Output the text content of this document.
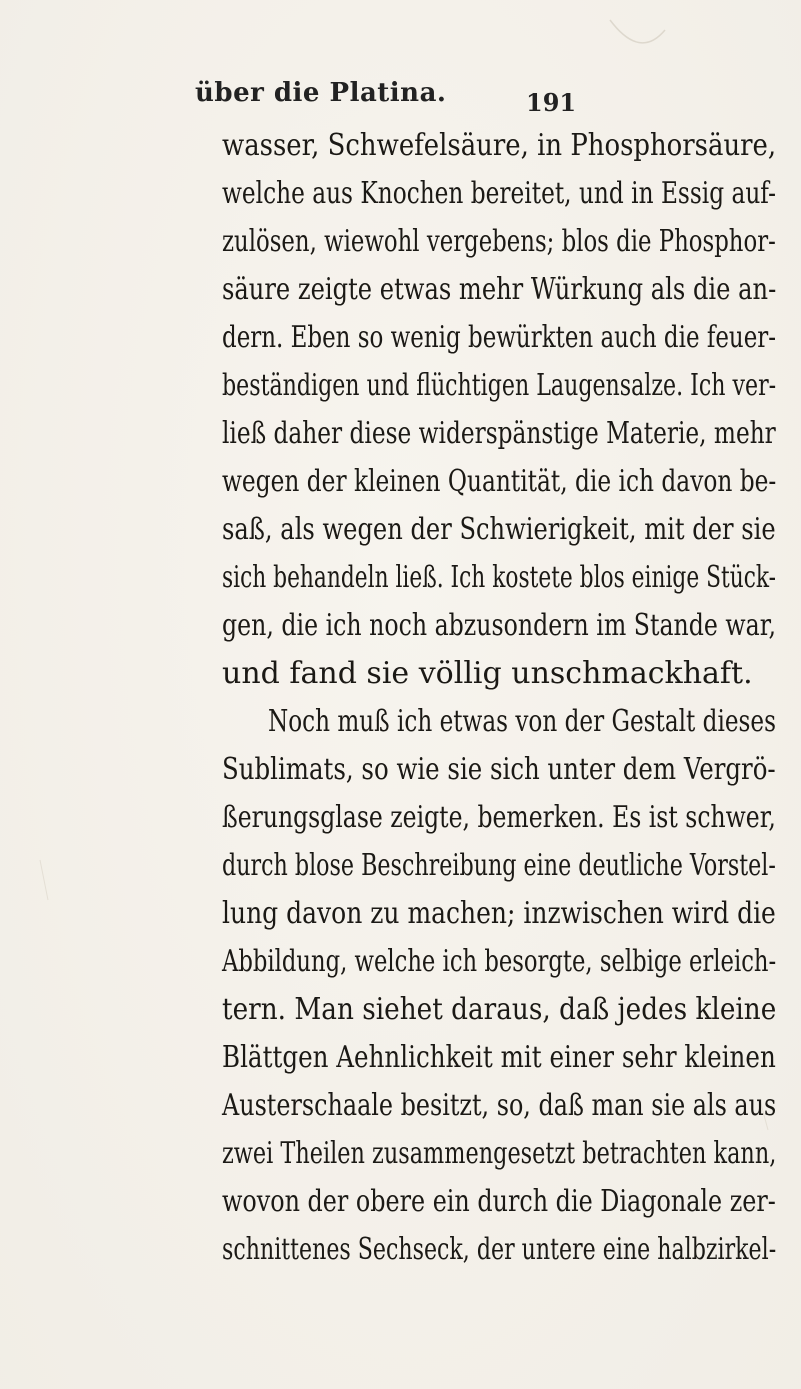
über die Platina.	191
wasser, Schwefelsäure, in Phosphorsäure,
welche aus Knochen bereitet, und in Essig auf-
zulösen, wiewohl vergebens; blos die Phosphor-
säure zeigte etwas mehr Würkung als die an-
dern. Eben so wenig bewürkten auch die feuer-
beständigen und flüchtigen Laugensalze. Ich ver-
ließ daher diese widerspänstige Materie, mehr
wegen der kleinen Quantität, die ich davon be-
saß, als wegen der Schwierigkeit, mit der sie
sich behandeln ließ. Ich kostete blos einige Stück-
gen, die ich noch abzusondern im Stande war,
und fand sie völlig unschmackhaft.
Noch muß ich etwas von der Gestalt dieses
Sublimats, so wie sie sich unter dem Vergrö-
ßerungsglase zeigte, bemerken. Es ist schwer,
durch blose Beschreibung eine deutliche Vorstel-
lung davon zu machen; inzwischen wird die
Abbildung, welche ich besorgte, selbige erleich-
tern. Man siehet daraus, daß jedes kleine
Blättgen Aehnlichkeit mit einer sehr kleinen
Austerschaale besitzt, so, daß man sie als aus
zwei Theilen zusammengesetzt betrachten kann,
wovon der obere ein durch die Diagonale zer-
schnittenes Sechseck, der untere eine halbzirkel-
